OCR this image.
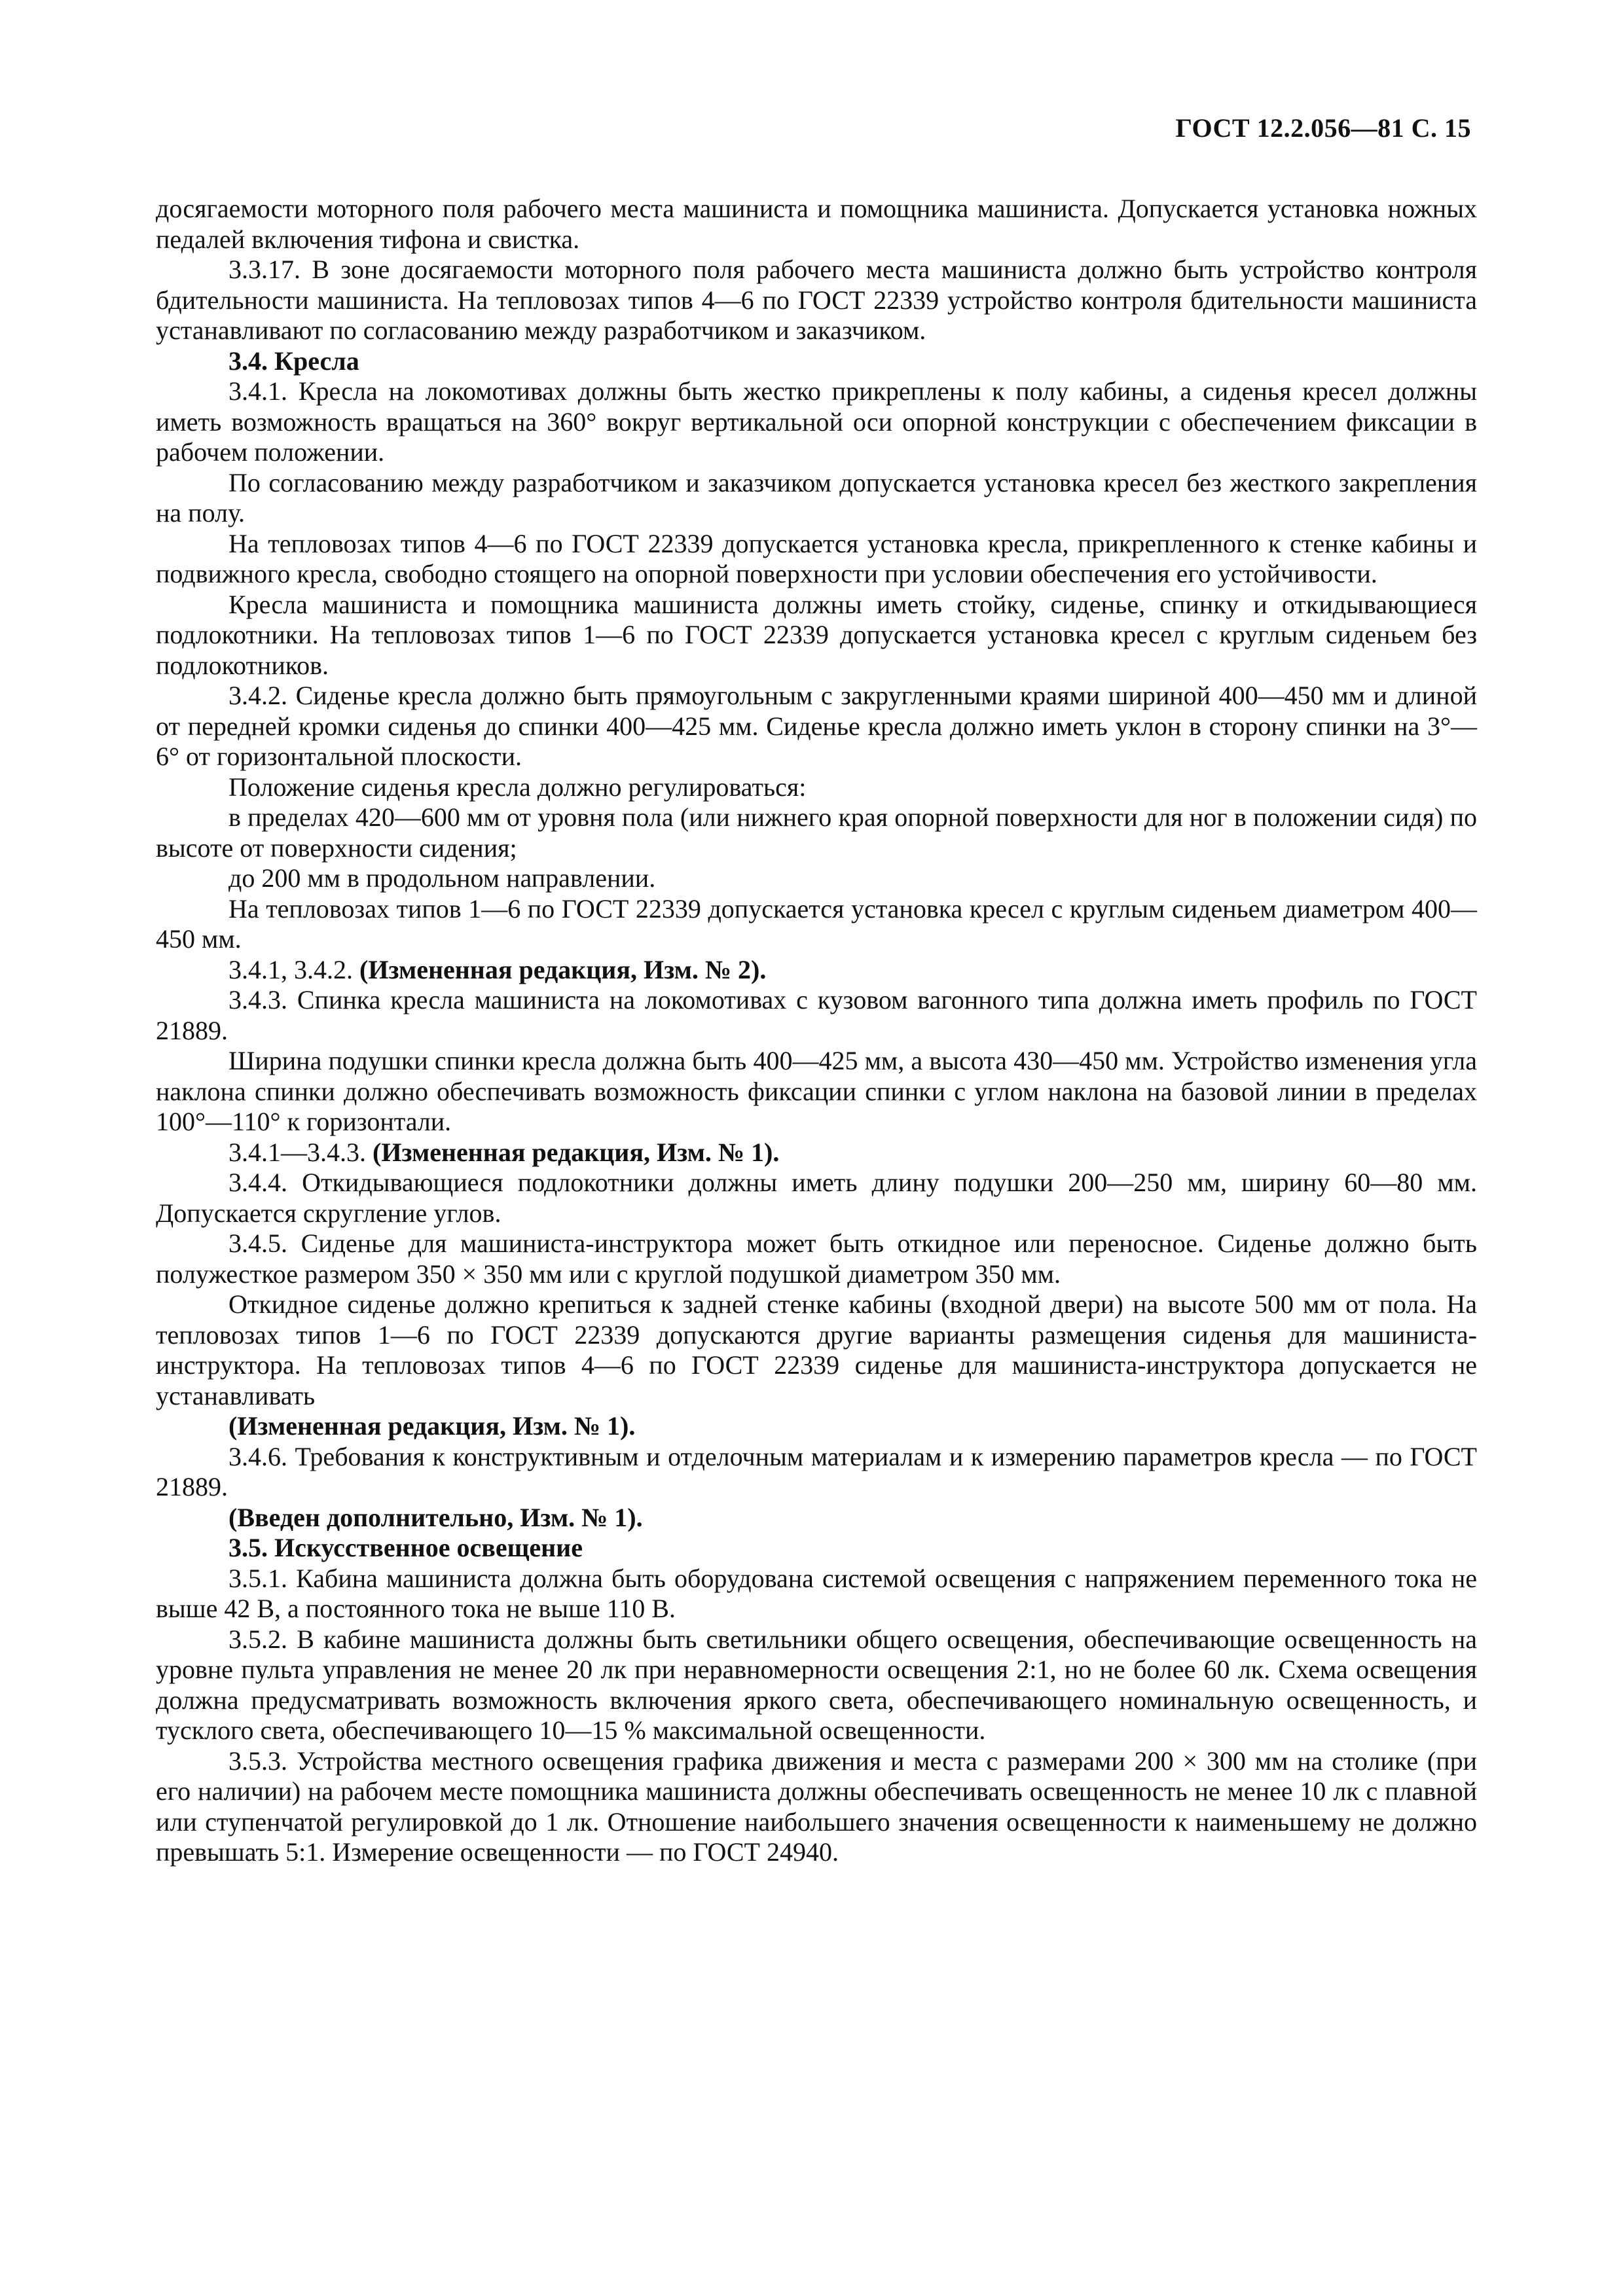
ГОСТ 12.2.056—81 С. 15

досягаемости моторного поля рабочего места машиниста и помощника машиниста. Допускается установка ножных педалей включения тифона и свистка.

3.3.17. В зоне досягаемости моторного поля рабочего места машиниста должно быть устройство контроля бдительности машиниста. На тепловозах типов 4—6 по ГОСТ 22339 устройство контроля бдительности машиниста устанавливают по согласованию между разработчиком и заказчиком.

3.4. Кресла

3.4.1. Кресла на локомотивах должны быть жестко прикреплены к полу кабины, а сиденья кресел должны иметь возможность вращаться на 360° вокруг вертикальной оси опорной конструкции с обеспечением фиксации в рабочем положении.

По согласованию между разработчиком и заказчиком допускается установка кресел без жесткого закрепления на полу.

На тепловозах типов 4—6 по ГОСТ 22339 допускается установка кресла, прикрепленного к стенке кабины и подвижного кресла, свободно стоящего на опорной поверхности при условии обеспечения его устойчивости.

Кресла машиниста и помощника машиниста должны иметь стойку, сиденье, спинку и откидывающиеся подлокотники. На тепловозах типов 1—6 по ГОСТ 22339 допускается установка кресел с круглым сиденьем без подлокотников.

3.4.2. Сиденье кресла должно быть прямоугольным с закругленными краями шириной 400—450 мм и длиной от передней кромки сиденья до спинки 400—425 мм. Сиденье кресла должно иметь уклон в сторону спинки на 3°—6° от горизонтальной плоскости.

Положение сиденья кресла должно регулироваться:

в пределах 420—600 мм от уровня пола (или нижнего края опорной поверхности для ног в положении сидя) по высоте от поверхности сидения;

до 200 мм в продольном направлении.

На тепловозах типов 1—6 по ГОСТ 22339 допускается установка кресел с круглым сиденьем диаметром 400—450 мм.

3.4.1, 3.4.2. (Измененная редакция, Изм. № 2).

3.4.3. Спинка кресла машиниста на локомотивах с кузовом вагонного типа должна иметь профиль по ГОСТ 21889.

Ширина подушки спинки кресла должна быть 400—425 мм, а высота 430—450 мм. Устройство изменения угла наклона спинки должно обеспечивать возможность фиксации спинки с углом наклона на базовой линии в пределах 100°—110° к горизонтали.

3.4.1—3.4.3. (Измененная редакция, Изм. № 1).

3.4.4. Откидывающиеся подлокотники должны иметь длину подушки 200—250 мм, ширину 60—80 мм. Допускается скругление углов.

3.4.5. Сиденье для машиниста-инструктора может быть откидное или переносное. Сиденье должно быть полужесткое размером 350 × 350 мм или с круглой подушкой диаметром 350 мм.

Откидное сиденье должно крепиться к задней стенке кабины (входной двери) на высоте 500 мм от пола. На тепловозах типов 1—6 по ГОСТ 22339 допускаются другие варианты размещения сиденья для машиниста-инструктора. На тепловозах типов 4—6 по ГОСТ 22339 сиденье для машиниста-инструктора допускается не устанавливать

(Измененная редакция, Изм. № 1).

3.4.6. Требования к конструктивным и отделочным материалам и к измерению параметров кресла — по ГОСТ 21889.

(Введен дополнительно, Изм. № 1).

3.5. Искусственное освещение

3.5.1. Кабина машиниста должна быть оборудована системой освещения с напряжением переменного тока не выше 42 В, а постоянного тока не выше 110 В.

3.5.2. В кабине машиниста должны быть светильники общего освещения, обеспечивающие освещенность на уровне пульта управления не менее 20 лк при неравномерности освещения 2:1, но не более 60 лк. Схема освещения должна предусматривать возможность включения яркого света, обеспечивающего номинальную освещенность, и тусклого света, обеспечивающего 10—15 % максимальной освещенности.

3.5.3. Устройства местного освещения графика движения и места с размерами 200 × 300 мм на столике (при его наличии) на рабочем месте помощника машиниста должны обеспечивать освещенность не менее 10 лк с плавной или ступенчатой регулировкой до 1 лк. Отношение наибольшего значения освещенности к наименьшему не должно превышать 5:1. Измерение освещенности — по ГОСТ 24940.
